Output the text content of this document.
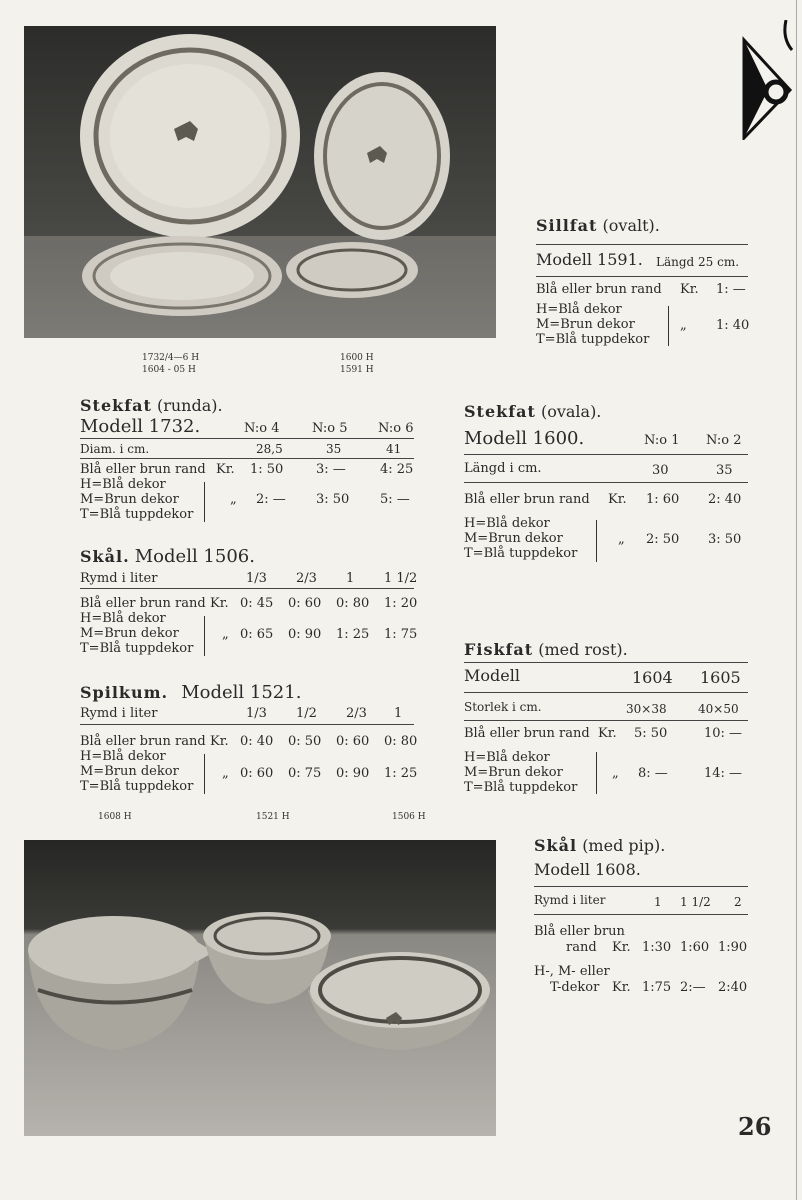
1732/4—6 H
1604 - 05 H
1600 H
1591 H
Sillfat (ovalt).
Modell 1591. Längd 25 cm.
Blå eller brun rand Kr. 1: —
H=Blå dekor
M=Brun dekor
T=Blå tuppdekor
„ 1: 40
Stekfat (runda).
Modell 1732.	N:o 4 N:o 5 N:o 6
Diam. i cm.	28,5	35	41
Blå eller brun rand Kr. 1: 50	3: —	4: 25
H=Blå dekor
M=Brun dekor
T=Blå tuppdekor
„ 2: — 3: 50 5: —
Skål. Modell 1506.
Rymd i liter	1/3 2/3 1 1 1/2
Blå eller brun rand Kr. 0: 45 0: 60 0: 80 1: 20
H=Blå dekor
M=Brun dekor
T=Blå tuppdekor
„ 0: 65 0: 90 1: 25 1: 75
Spilkum. Modell 1521.
Rymd i liter	1/3 1/2 2/3 1
Blå eller brun rand Kr. 0: 40 0: 50 0: 60 0: 80
H=Blå dekor
M=Brun dekor
T=Blå tuppdekor
„ 0: 60 0: 75 0: 90 1: 25
Stekfat (ovala).
Modell 1600.	N:o 1 N:o 2
Längd i cm.	30	35
Blå eller brun rand Kr. 1: 60 2: 40
H=Blå dekor
M=Brun dekor
T=Blå tuppdekor
„ 2: 50 3: 50
Fiskfat (med rost).
Modell	1604 1605
Storlek i cm.	30×38	40×50
Blå eller brun rand Kr. 5: 50	10: —
H=Blå dekor
M=Brun dekor
T=Blå tuppdekor
„ 8: —	14: —
1608 H	1521 H	1506 H
Skål (med pip).
Modell 1608.
Rymd i liter	1 1 1/2 2
Blå eller brun
rand Kr. 1:30 1:60 1:90
H-, M- eller
T-dekor Kr. 1:75 2:— 2:40
26
